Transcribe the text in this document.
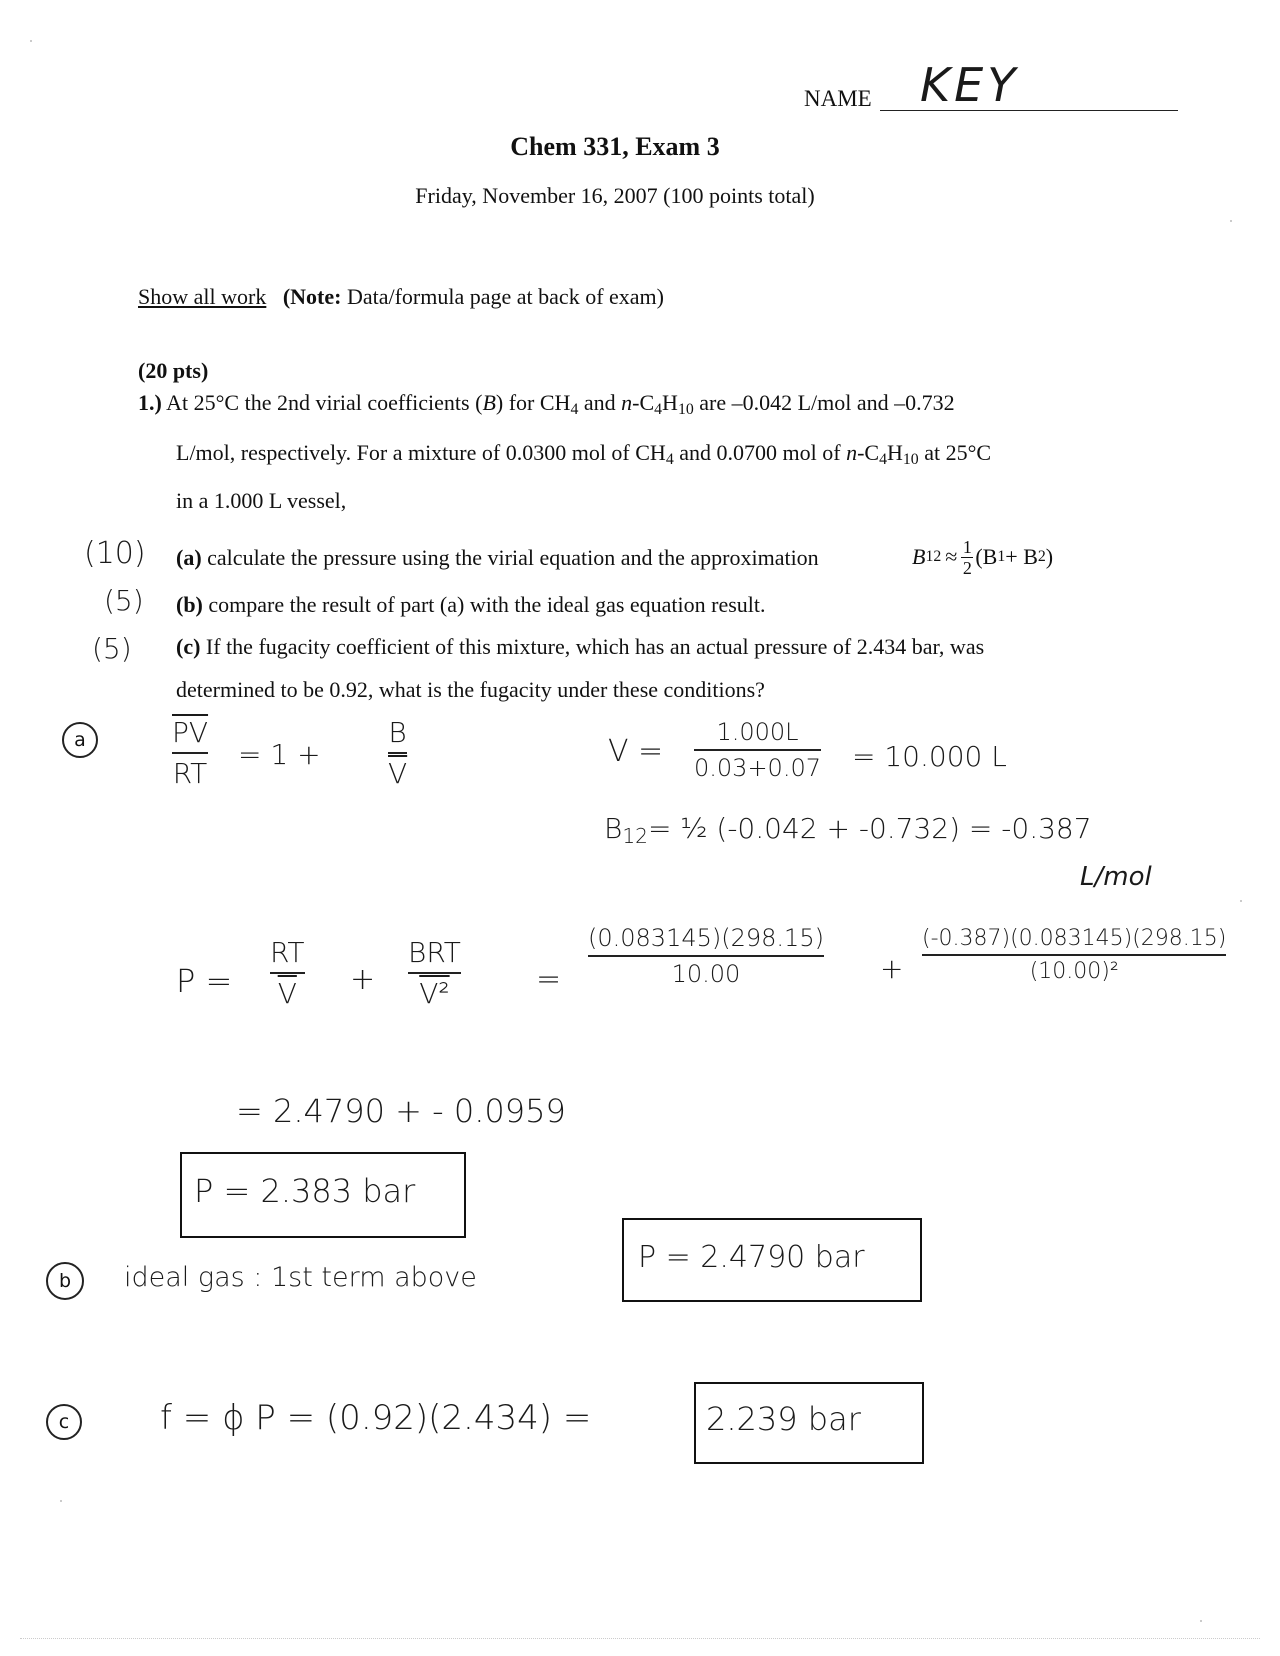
NAME KEY
Chem 331, Exam 3
Friday, November 16, 2007 (100 points total)
Show all work (Note: Data/formula page at back of exam)
(20 pts)
1.) At 25°C the 2nd virial coefficients (B) for $CH_4$ and $n-C_4H_{10}$ are –0.042 L/mol and –0.732
L/mol, respectively. For a mixture of 0.0300 mol of $CH_4$ and 0.0700 mol of $n-C_4H_{10}$ at 25°C
in a 1.000 L vessel,
(a) calculate the pressure using the virial equation and the approximation	B 12 ≈ 1
2 (B 1 + B 2 )
(b) compare the result of part (a) with the ideal gas equation result.
(c) If the fugacity coefficient of this mixture, which has an actual pressure of 2.434 bar, was
determined to be 0.92, what is the fugacity under these conditions?
(10)
(5)
(5)
a	$\overline{PV}$
RT
= $1 + \frac{B}{V}$	V =
1.000L
0.03+0.07 = 10.000 L
$B_{12}=$ ½ (-0.042 + -0.732) = -0.387
L/mol
$P = \frac{RT}{V}$ +
BRT
V²	=
(0.083145)(298.15)
10.00	+
(-0.387)(0.083145)(298.15)
(10.00)²
= 2.4790 + - 0.0959
P = 2.383 bar
b	ideal gas : 1st term above
P = 2.4790 bar
c	f = ϕ P = (0.92)(2.434) =	2.239 bar
